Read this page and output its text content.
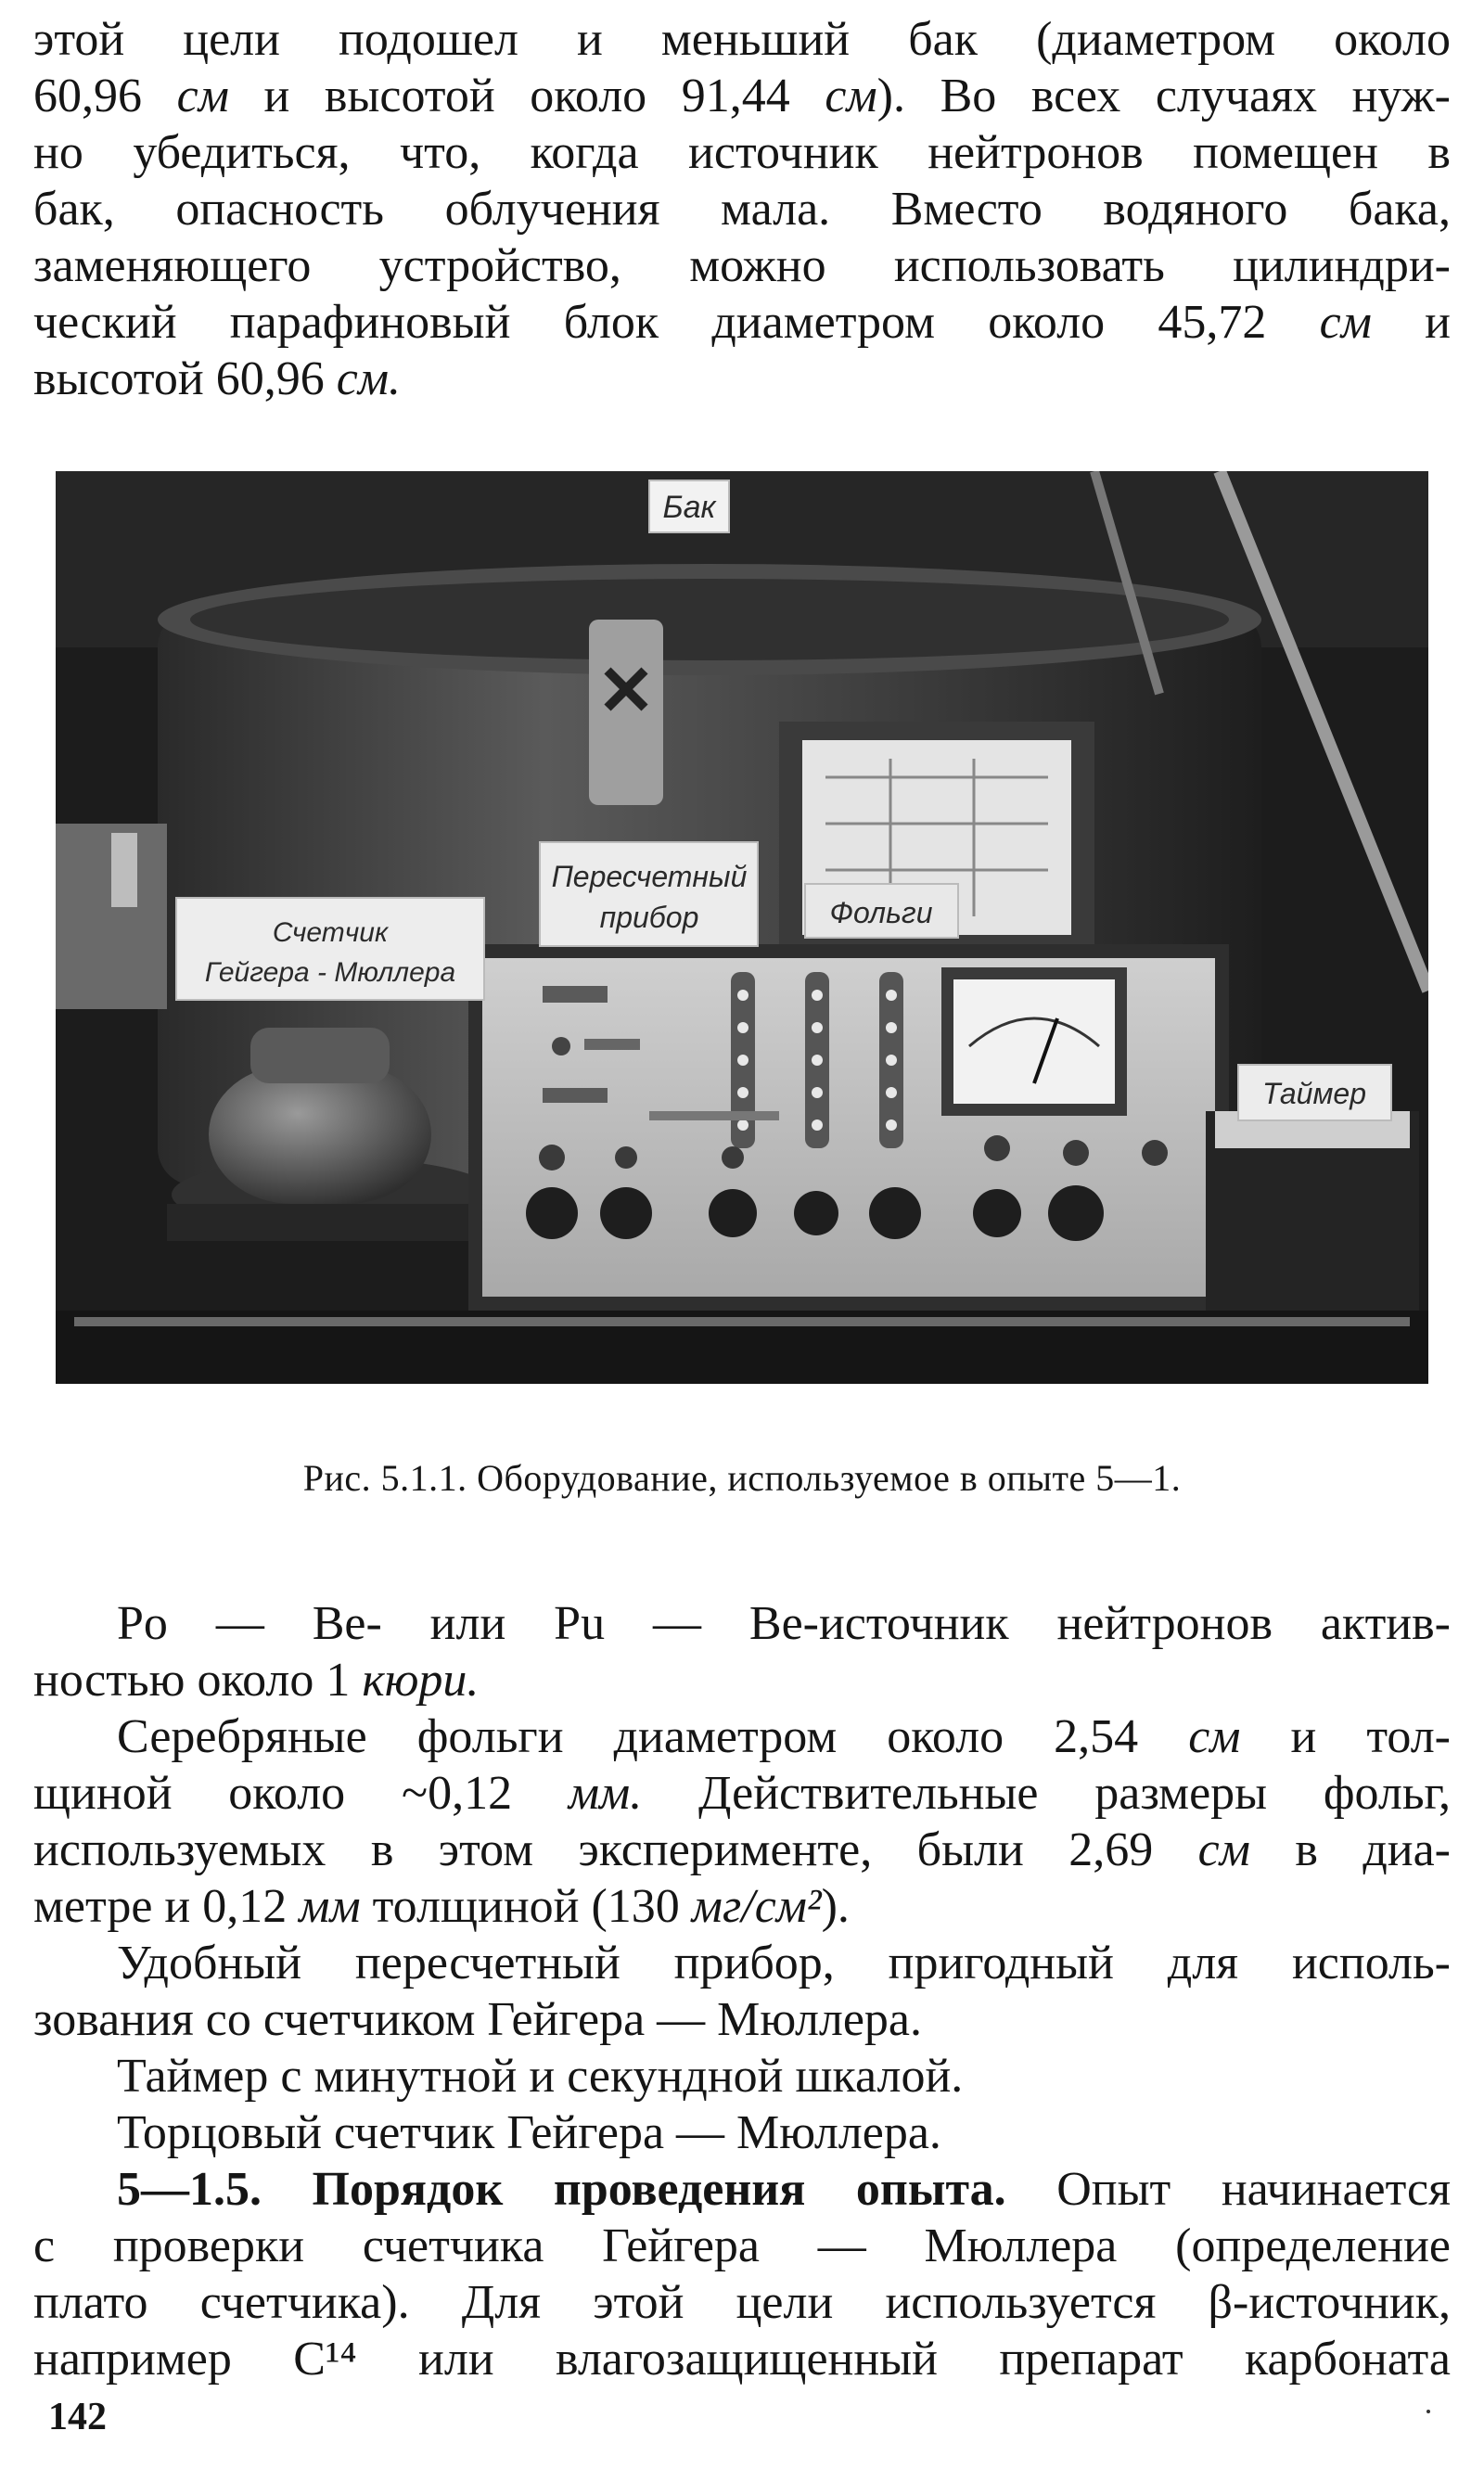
этой цели подошел и меньший бак (диаметром около
60,96 см и высотой около 91,44 см). Во всех случаях нуж-
но убедиться, что, когда источник нейтронов помещен в
бак, опасность облучения мала. Вместо водяного бака,
заменяющего устройство, можно использовать цилиндри-
ческий парафиновый блок диаметром около 45,72 см и
высотой 60,96 см.
Бак
Пересчетный
прибор	Фольги
Счетчик
Гейгера - Мюллера
Таймер
Рис. 5.1.1. Оборудование, используемое в опыте 5—1.
Po — Be- или Pu — Be-источник нейтронов актив-
ностью около 1 кюри.
Серебряные фольги диаметром около 2,54 см и тол-
щиной около ~0,12 мм. Действительные размеры фольг,
используемых в этом эксперименте, были 2,69 см в диа-
метре и 0,12 мм толщиной (130 мг/см²).
Удобный пересчетный прибор, пригодный для исполь-
зования со счетчиком Гейгера — Мюллера.
Таймер с минутной и секундной шкалой.
Торцовый счетчик Гейгера — Мюллера.
5—1.5. Порядок проведения опыта. Опыт начинается
с проверки счетчика Гейгера — Мюллера (определение
плато счетчика). Для этой цели используется β-источник,
например C¹⁴ или влагозащищенный препарат карбоната
142
